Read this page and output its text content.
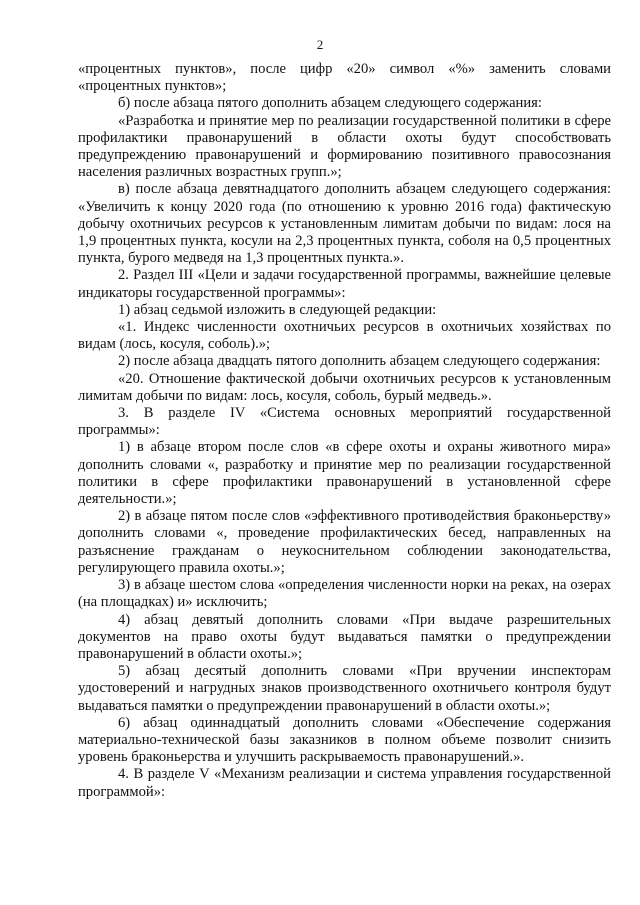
2

«процентных пунктов», после цифр «20» символ «%» заменить словами «процентных пунктов»;

б) после абзаца пятого дополнить абзацем следующего содержания:

«Разработка и принятие мер по реализации государственной политики в сфере профилактики правонарушений в области охоты будут способствовать предупреждению правонарушений и формированию позитивного правосознания населения различных возрастных групп.»;

в) после абзаца девятнадцатого дополнить абзацем следующего содержания: «Увеличить к концу 2020 года (по отношению к уровню 2016 года) фактическую добычу охотничьих ресурсов к установленным лимитам добычи по видам: лося на 1,9 процентных пункта, косули на 2,3 процентных пункта, соболя на 0,5 процентных пункта, бурого медведя на 1,3 процентных пункта.».

2. Раздел III «Цели и задачи государственной программы, важнейшие целевые индикаторы государственной программы»:

1) абзац седьмой изложить в следующей редакции:

«1. Индекс численности охотничьих ресурсов в охотничьих хозяйствах по видам (лось, косуля, соболь).»;

2) после абзаца двадцать пятого дополнить абзацем следующего содержания:

«20. Отношение фактической добычи охотничьих ресурсов к установленным лимитам добычи по видам: лось, косуля, соболь, бурый медведь.».

3. В разделе IV «Система основных мероприятий государственной программы»:

1) в абзаце втором после слов «в сфере охоты и охраны животного мира» дополнить словами «, разработку и принятие мер по реализации государственной политики в сфере профилактики правонарушений в установленной сфере деятельности.»;

2) в абзаце пятом после слов «эффективного противодействия браконьерству» дополнить словами «, проведение профилактических бесед, направленных на разъяснение гражданам о неукоснительном соблюдении законодательства, регулирующего правила охоты.»;

3) в абзаце шестом слова «определения численности норки на реках, на озерах (на площадках) и» исключить;

4) абзац девятый дополнить словами «При выдаче разрешительных документов на право охоты будут выдаваться памятки о предупреждении правонарушений в области охоты.»;

5) абзац десятый дополнить словами «При вручении инспекторам удостоверений и нагрудных знаков производственного охотничьего контроля будут выдаваться памятки о предупреждении правонарушений в области охоты.»;

6) абзац одиннадцатый дополнить словами «Обеспечение содержания материально-технической базы заказников в полном объеме позволит снизить уровень браконьерства и улучшить раскрываемость правонарушений.».

4. В разделе V «Механизм реализации и система управления государственной программой»:
